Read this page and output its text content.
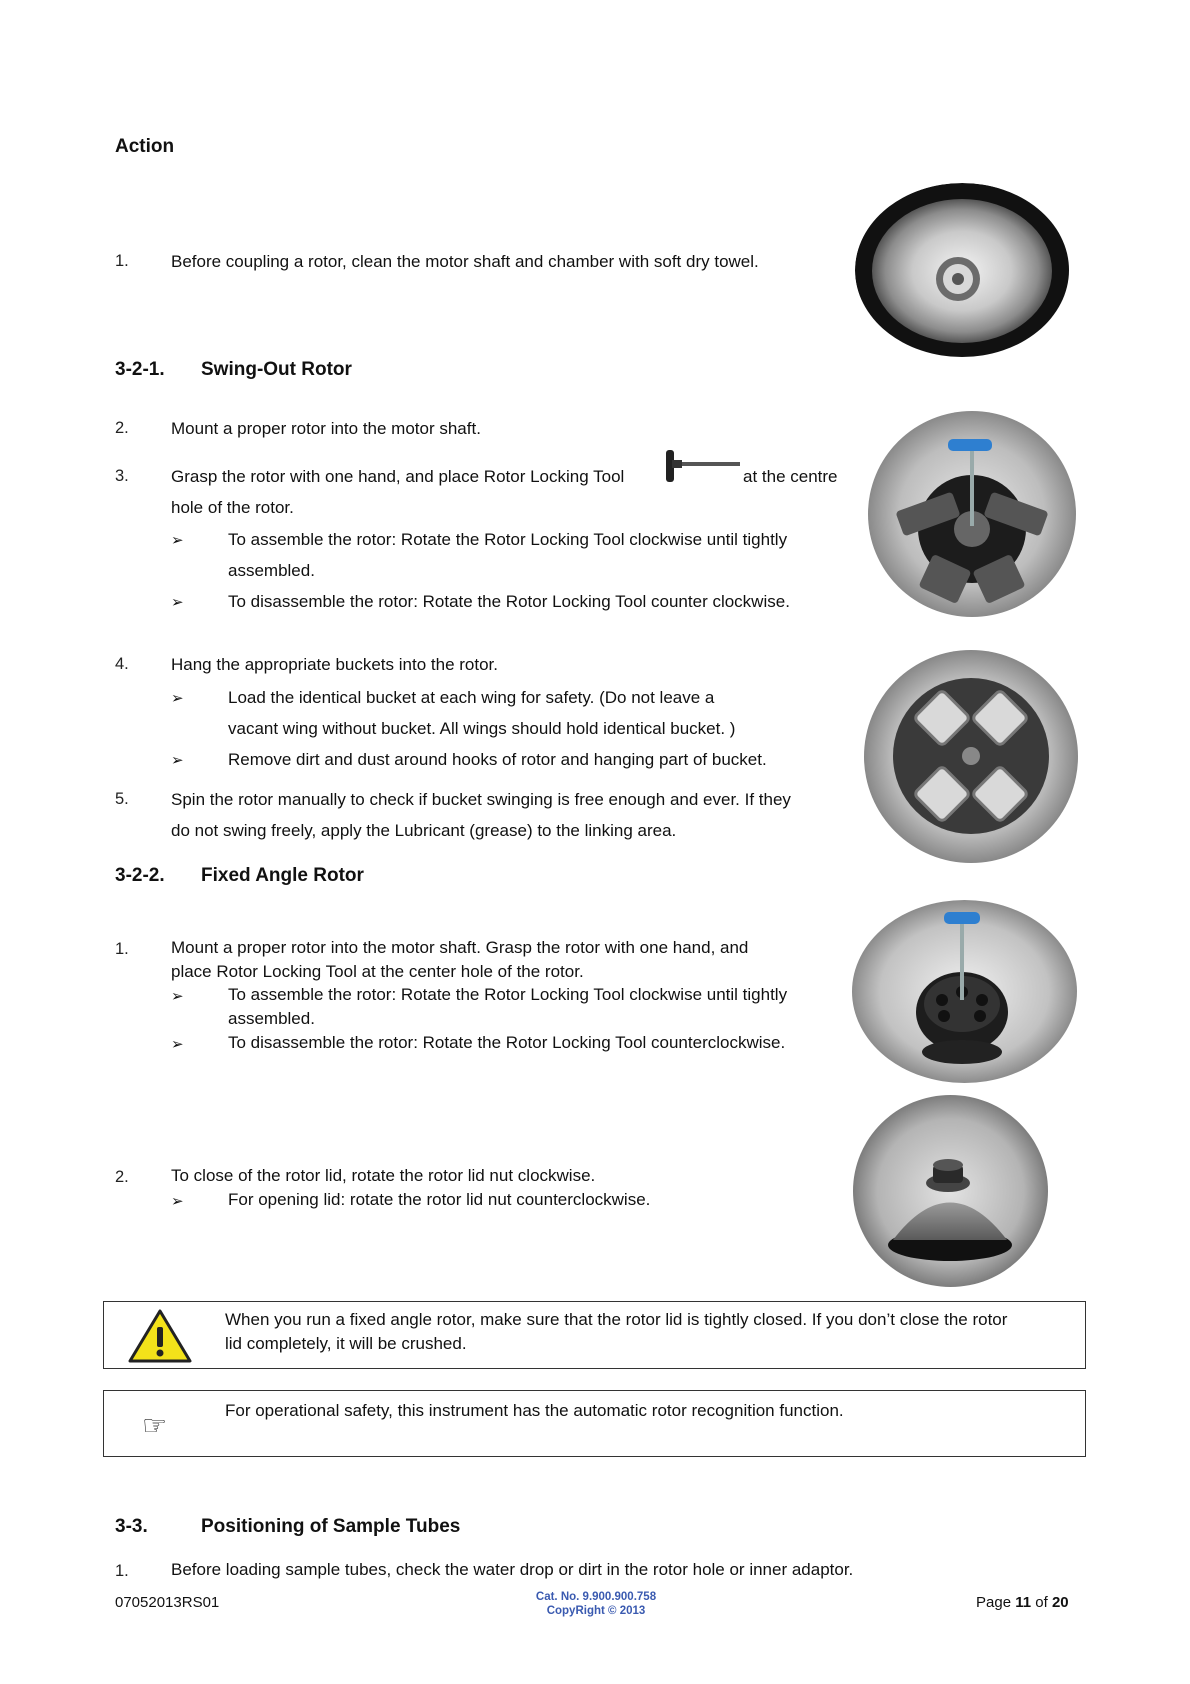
Action
1. Before coupling a rotor, clean the motor shaft and chamber with soft dry towel.
3-2-1. Swing-Out Rotor
2. Mount a proper rotor into the motor shaft.
3. Grasp the rotor with one hand, and place Rotor Locking Tool	at the centre
hole of the rotor.
➢	To assemble the rotor: Rotate the Rotor Locking Tool clockwise until tightly
assembled.
➢	To disassemble the rotor: Rotate the Rotor Locking Tool counter clockwise.
4. Hang the appropriate buckets into the rotor.
➢	Load the identical bucket at each wing for safety. (Do not leave a
vacant wing without bucket. All wings should hold identical bucket. )
➢	Remove dirt and dust around hooks of rotor and hanging part of bucket.
5. Spin the rotor manually to check if bucket swinging is free enough and ever. If they
do not swing freely, apply the Lubricant (grease) to the linking area.
3-2-2. Fixed Angle Rotor
1. Mount a proper rotor into the motor shaft. Grasp the rotor with one hand, and
place Rotor Locking Tool at the center hole of the rotor.
➢	To assemble the rotor: Rotate the Rotor Locking Tool clockwise until tightly
assembled.
➢	To disassemble the rotor: Rotate the Rotor Locking Tool counterclockwise.
2. To close of the rotor lid, rotate the rotor lid nut clockwise.
➢	For opening lid: rotate the rotor lid nut counterclockwise.
When you run a fixed angle rotor, make sure that the rotor lid is tightly closed. If you don’t close the rotor
lid completely, it will be crushed.
☞	For operational safety, this instrument has the automatic rotor recognition function.
3-3.	Positioning of Sample Tubes
1. Before loading sample tubes, check the water drop or dirt in the rotor hole or inner adaptor.
07052013RS01	Cat. No. 9.900.900.758
CopyRight © 2013	Page 11 of 20
